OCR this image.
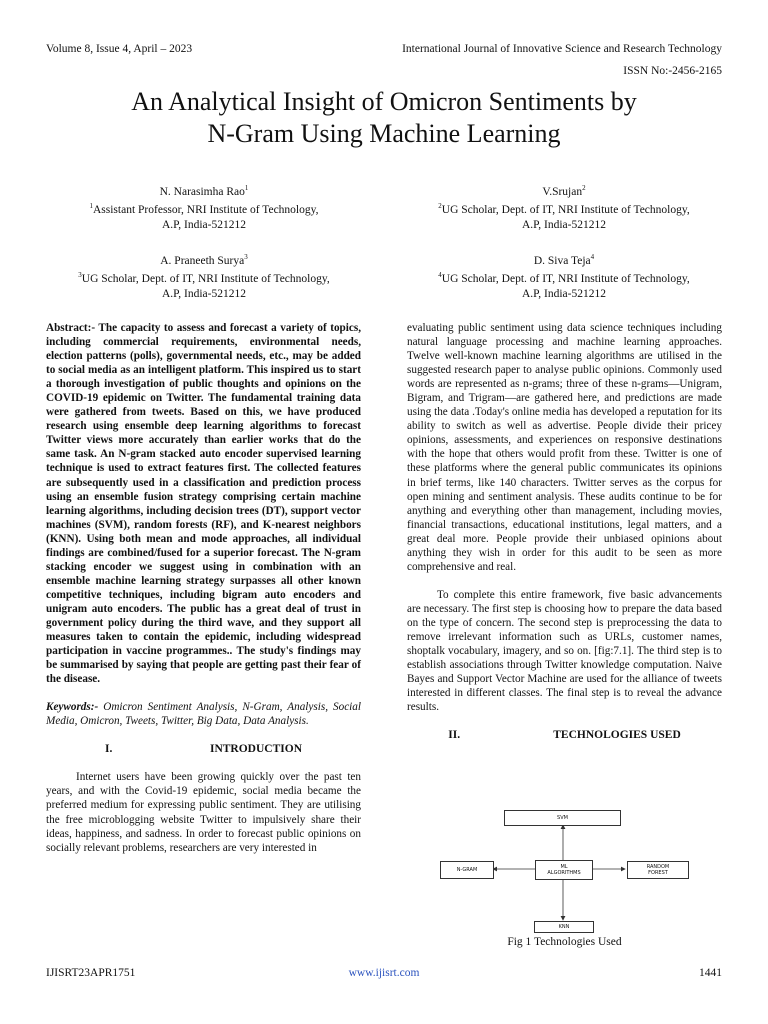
Volume 8, Issue 4, April – 2023	International Journal of Innovative Science and Research Technology
ISSN No:-2456-2165
An Analytical Insight of Omicron Sentiments by
N-Gram Using Machine Learning
N. Narasimha Rao$^1$
$^1$Assistant Professor, NRI Institute of Technology,
A.P, India-521212
V.Srujan$^2$
$^2$UG Scholar, Dept. of IT, NRI Institute of Technology,
A.P, India-521212
A. Praneeth Surya$^3$
$^3$UG Scholar, Dept. of IT, NRI Institute of Technology,
A.P, India-521212
D. Siva Teja$^4$
$^4$UG Scholar, Dept. of IT, NRI Institute of Technology,
A.P, India-521212

Abstract:- The capacity to assess and forecast a variety of topics, including commercial requirements, environmental needs, election patterns (polls), governmental needs, etc., may be added to social media as an intelligent platform. This inspired us to start a thorough investigation of public thoughts and opinions on the COVID-19 epidemic on Twitter. The fundamental training data were gathered from tweets. Based on this, we have produced research using ensemble deep learning algorithms to forecast Twitter views more accurately than earlier works that do the same task. An N-gram stacked auto encoder supervised learning technique is used to extract features first. The collected features are subsequently used in a classification and prediction process using an ensemble fusion strategy comprising certain machine learning algorithms, including decision trees (DT), support vector machines (SVM), random forests (RF), and K-nearest neighbors (KNN). Using both mean and mode approaches, all individual findings are combined/fused for a superior forecast. The N-gram stacking encoder we suggest using in combination with an ensemble machine learning strategy surpasses all other known competitive techniques, including bigram auto encoders and unigram auto encoders. The public has a great deal of trust in government policy during the third wave, and they support all measures taken to contain the epidemic, including widespread participation in vaccine programmes.. The study's findings may be summarised by saying that people are getting past their fear of the disease.

Keywords:- Omicron Sentiment Analysis, N-Gram, Analysis, Social Media, Omicron, Tweets, Twitter, Big Data, Data Analysis.

I.	INTRODUCTION

Internet users have been growing quickly over the past ten years, and with the Covid-19 epidemic, social media became the preferred medium for expressing public sentiment. They are utilising the free microblogging website Twitter to impulsively share their ideas, happiness, and sadness. In order to forecast public opinions on socially relevant problems, researchers are very interested in

evaluating public sentiment using data science techniques including natural language processing and machine learning approaches. Twelve well-known machine learning algorithms are utilised in the suggested research paper to analyse public opinions. Commonly used words are represented as n-grams; three of these n-grams—Unigram, Bigram, and Trigram—are gathered here, and predictions are made using the data .Today's online media has developed a reputation for its ability to switch as well as advertise. People divide their pricey opinions, assessments, and experiences on responsive destinations with the hope that others would profit from these. Twitter is one of these platforms where the general public communicates its opinions in brief terms, like 140 characters. Twitter serves as the corpus for open mining and sentiment analysis. These audits continue to be for anything and everything other than management, including movies, financial transactions, educational institutions, legal matters, and a great deal more. People provide their unbiased opinions about anything they wish in order for this audit to be seen as more comprehensive and real.

To complete this entire framework, five basic advancements are necessary. The first step is choosing how to prepare the data based on the type of concern. The second step is preprocessing the data to remove irrelevant information such as URLs, customer names, shoptalk vocabulary, imagery, and so on. [fig:7.1]. The third step is to establish associations through Twitter knowledge computation. Naive Bayes and Support Vector Machine are used for the alliance of tweets interested in different classes. The final step is to reveal the advance results.

II.	TECHNOLOGIES USED
SVM
ML
ALGORITHMS
N-GRAM	RANDOM
FOREST
KNN
Fig 1 Technologies Used
IJISRT23APR1751	www.ijisrt.com	1441
